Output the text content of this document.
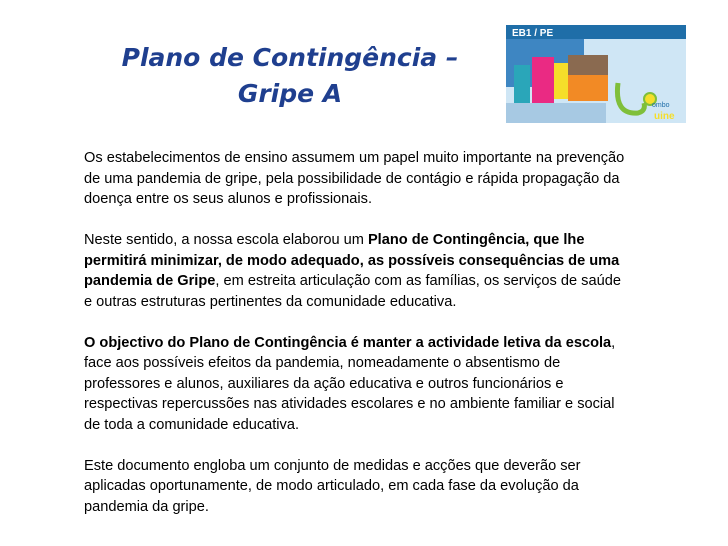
Plano de Contingência –
Gripe A
EB1 / PE
ombo
uine

Os estabelecimentos de ensino assumem um papel muito importante na prevenção de uma pandemia de gripe, pela possibilidade de contágio e rápida propagação da doença entre os seus alunos e profissionais.

Neste sentido, a nossa escola elaborou um Plano de Contingência, que lhe permitirá minimizar, de modo adequado, as possíveis consequências de uma pandemia de Gripe, em estreita articulação com as famílias, os serviços de saúde e outras estruturas pertinentes da comunidade educativa.

O objectivo do Plano de Contingência é manter a actividade letiva da escola, face aos possíveis efeitos da pandemia, nomeadamente o absentismo de professores e alunos, auxiliares da ação educativa e outros funcionários e respectivas repercussões nas atividades escolares e no ambiente familiar e social de toda a comunidade educativa.

Este documento engloba um conjunto de medidas e acções que deverão ser aplicadas oportunamente, de modo articulado, em cada fase da evolução da pandemia da gripe.
